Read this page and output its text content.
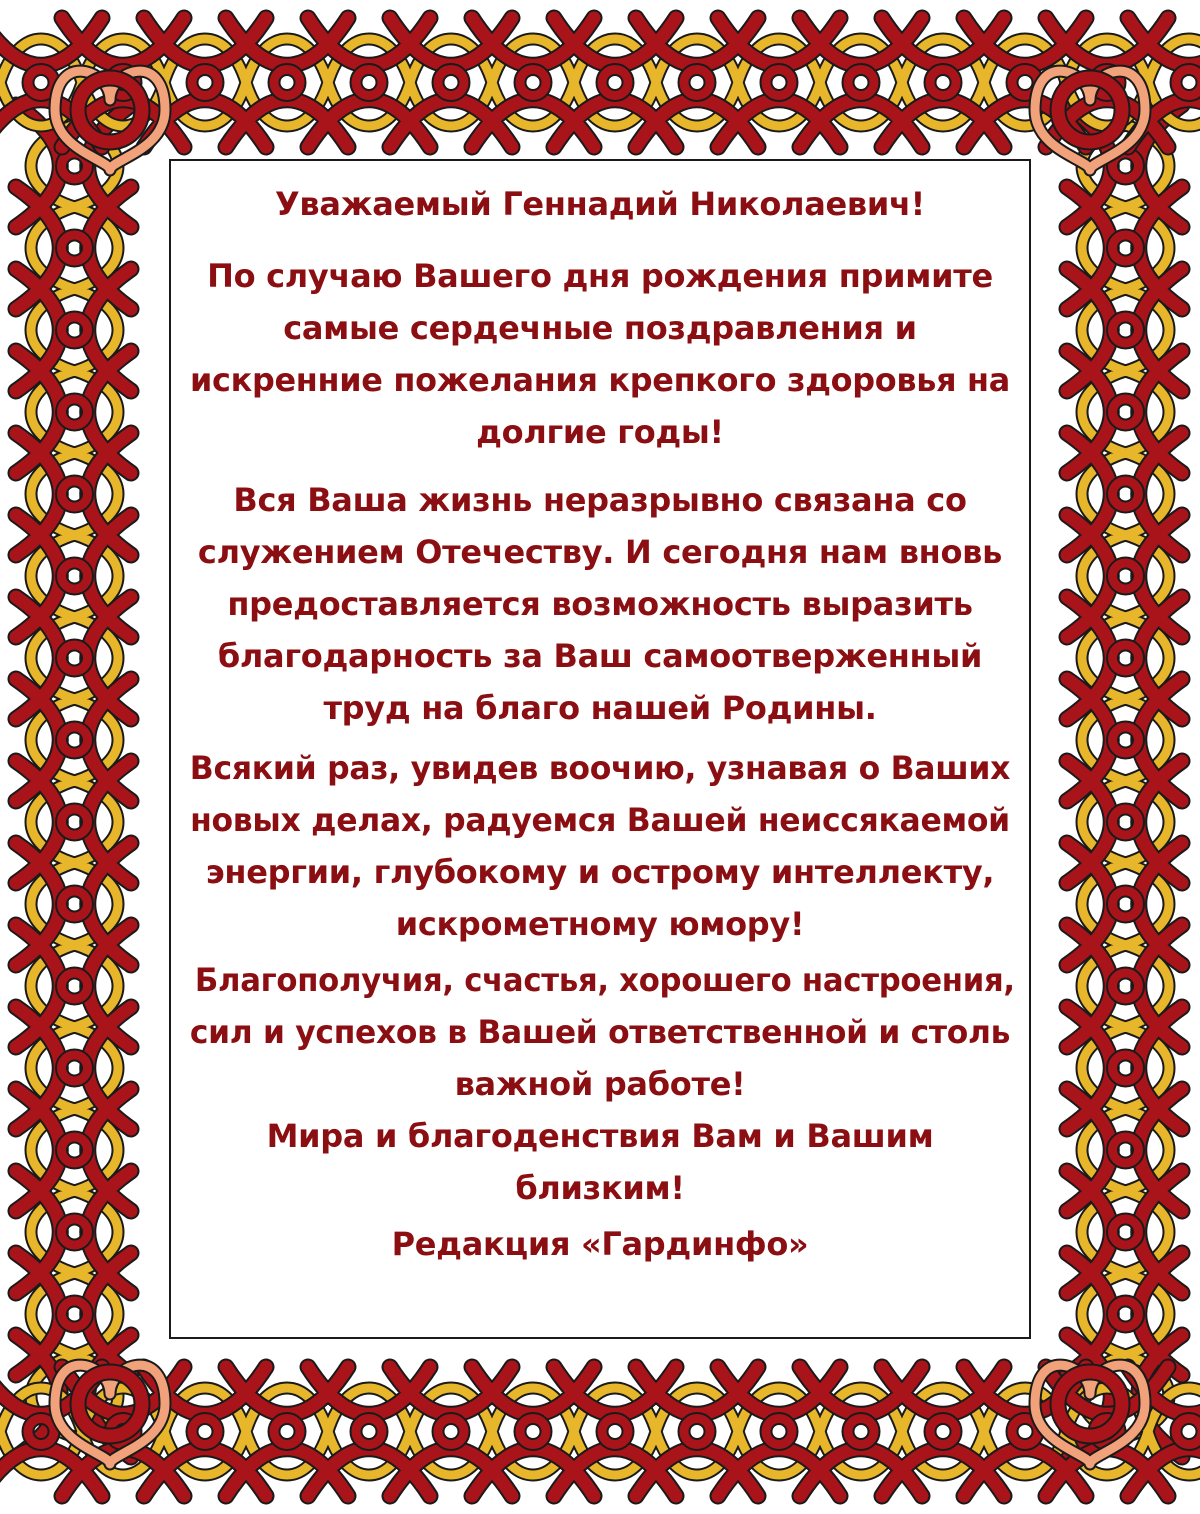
Уважаемый Геннадий Николаевич!
По случаю Вашего дня рождения примите
самые сердечные поздравления и
искренние пожелания крепкого здоровья на
долгие годы!
Вся Ваша жизнь неразрывно связана со
служением Отечеству. И сегодня нам вновь
предоставляется возможность выразить
благодарность за Ваш самоотверженный
труд на благо нашей Родины.
Всякий раз, увидев воочию, узнавая о Ваших
новых делах, радуемся Вашей неиссякаемой
энергии, глубокому и острому интеллекту,
искрометному юмору!
Благополучия, счастья, хорошего настроения,
сил и успехов в Вашей ответственной и столь
важной работе!
Мира и благоденствия Вам и Вашим
близким!
Редакция «Гардинфо»
